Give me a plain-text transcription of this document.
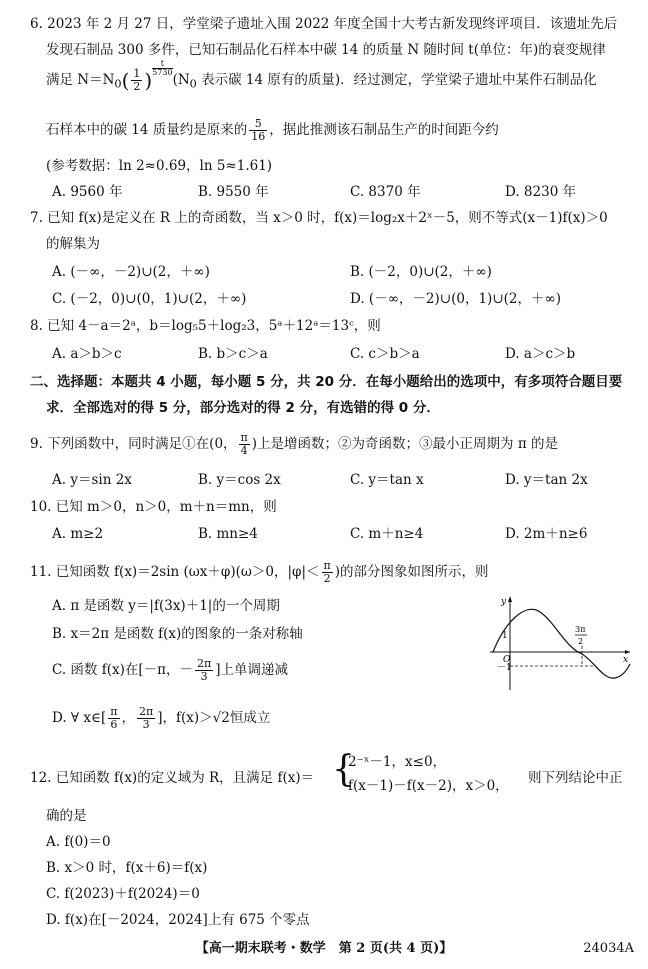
6. 2023 年 2 月 27 日，学堂梁子遗址入围 2022 年度全国十大考古新发现终评项目．该遗址先后
发现石制品 300 多件，已知石制品化石样本中碳 14 的质量 N 随时间 t(单位：年)的衰变规律
满足 $N=N_0( \frac{1}{2}$ ) $\frac{t}{5730}$
($N_0$ 表示碳 14 原有的质量)．经过测定，学堂梁子遗址中某件石制品化
石样本中的碳 14 质量约是原来的 $\frac{5}{16}$ ，据此推测该石制品生产的时间距今约
(参考数据：ln 2≈0.69，ln 5≈1.61)
A. 9560 年	B. 9550 年	C. 8370 年	D. 8230 年
7. 已知 f(x)是定义在 R 上的奇函数，当 x＞0 时，f(x)＝log₂x＋2ˣ－5，则不等式(x－1)f(x)＞0
的解集为
A. (－∞，－2)∪(2，＋∞)	B. (－2，0)∪(2，＋∞)
C. (－2，0)∪(0，1)∪(2，＋∞)	D. (－∞，－2)∪(0，1)∪(2，＋∞)
8. 已知 4－a＝2ᵃ，b＝log₅5＋log₂3，5ᵃ＋12ᵃ＝13ᶜ，则
A. a＞b＞c	B. b＞c＞a	C. c＞b＞a	D. a＞c＞b
二、选择题：本题共 4 小题，每小题 5 分，共 20 分．在每小题给出的选项中，有多项符合题目要
求．全部选对的得 5 分，部分选对的得 2 分，有选错的得 0 分．
9. 下列函数中，同时满足①在(0， $\frac{\pi}{4}$ )上是增函数；②为奇函数；③最小正周期为 π 的是
A. y＝sin 2x	B. y＝cos 2x	C. y＝tan x	D. y＝tan 2x
10. 已知 m＞0，n＞0，m＋n＝mn，则
A. m≥2	B. mn≥4	C. m＋n≥4	D. 2m＋n≥6
11. 已知函数 f(x)＝2sin (ωx＋φ)(ω＞0，$|\varphi|< \frac{\pi}{2}$ )的部分图象如图所示，则
A. π 是函数 y＝|f(3x)＋1|的一个周期
B. x＝2π 是函数 f(x)的图象的一条对称轴
C. 函数 f(x)在[－π，－ $\frac{2\pi}{3}$ ]上单调递减
D. ∀ x∈[ $\frac{\pi}{6}$ ， $\frac{2\pi}{3}$ ]，f(x)＞√2恒成立
y
x
O
1
－1
3π
2
12. 已知函数 f(x)的定义域为 R，且满足 f(x)＝ {
2⁻ˣ－1，x≤0，
f(x－1)－f(x－2)，x＞0， 则下列结论中正
确的是
A. f(0)＝0
B. x＞0 时，f(x＋6)＝f(x)
C. f(2023)＋f(2024)＝0
D. f(x)在[－2024，2024]上有 675 个零点
【高一期末联考・数学　第 2 页(共 4 页)】	24034A
